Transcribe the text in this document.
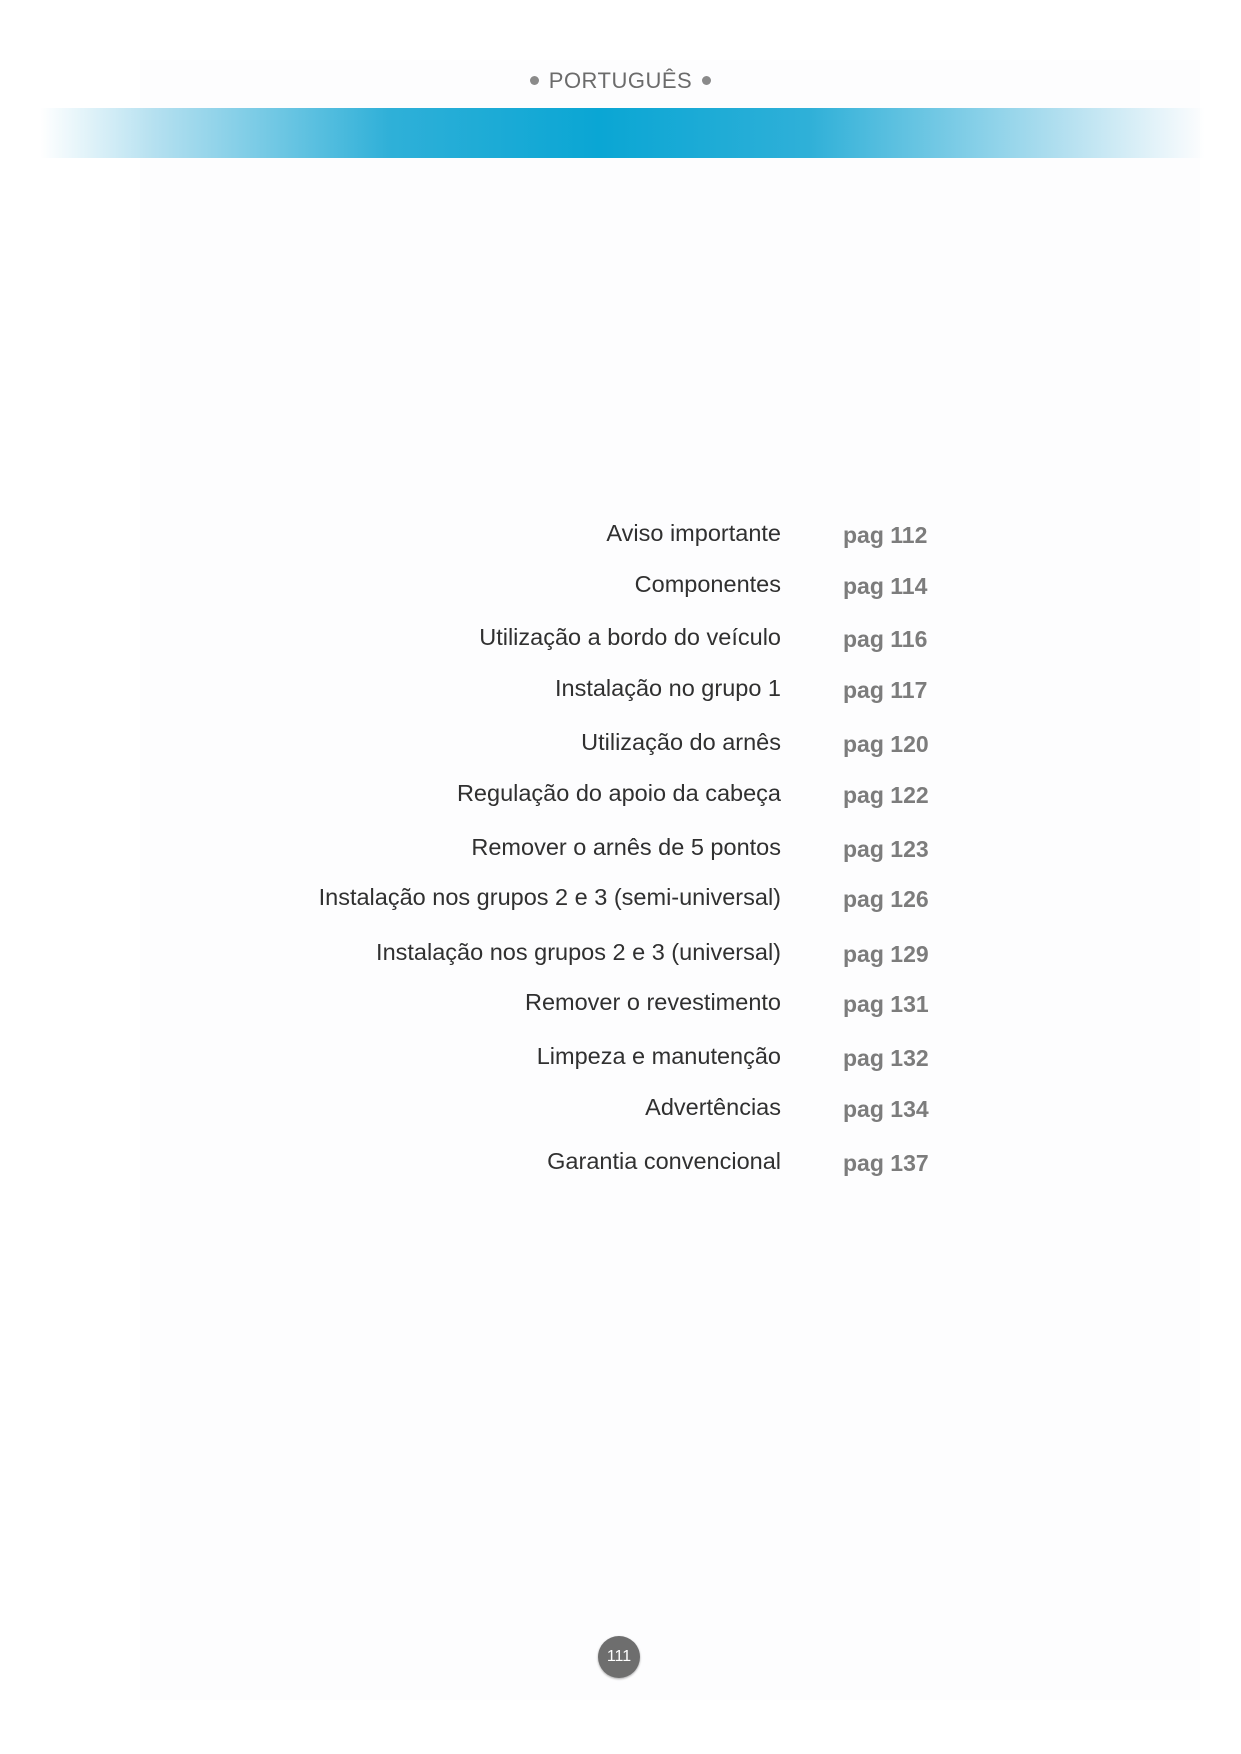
PORTUGUÊS
Aviso importante	pag 112
Componentes	pag 114
Utilização a bordo do veículo	pag 116
Instalação no grupo 1	pag 117
Utilização do arnês	pag 120
Regulação do apoio da cabeça	pag 122
Remover o arnês de 5 pontos	pag 123
Instalação nos grupos 2 e 3 (semi-universal)	pag 126
Instalação nos grupos 2 e 3 (universal)	pag 129
Remover o revestimento	pag 131
Limpeza e manutenção	pag 132
Advertências	pag 134
Garantia convencional	pag 137
111
